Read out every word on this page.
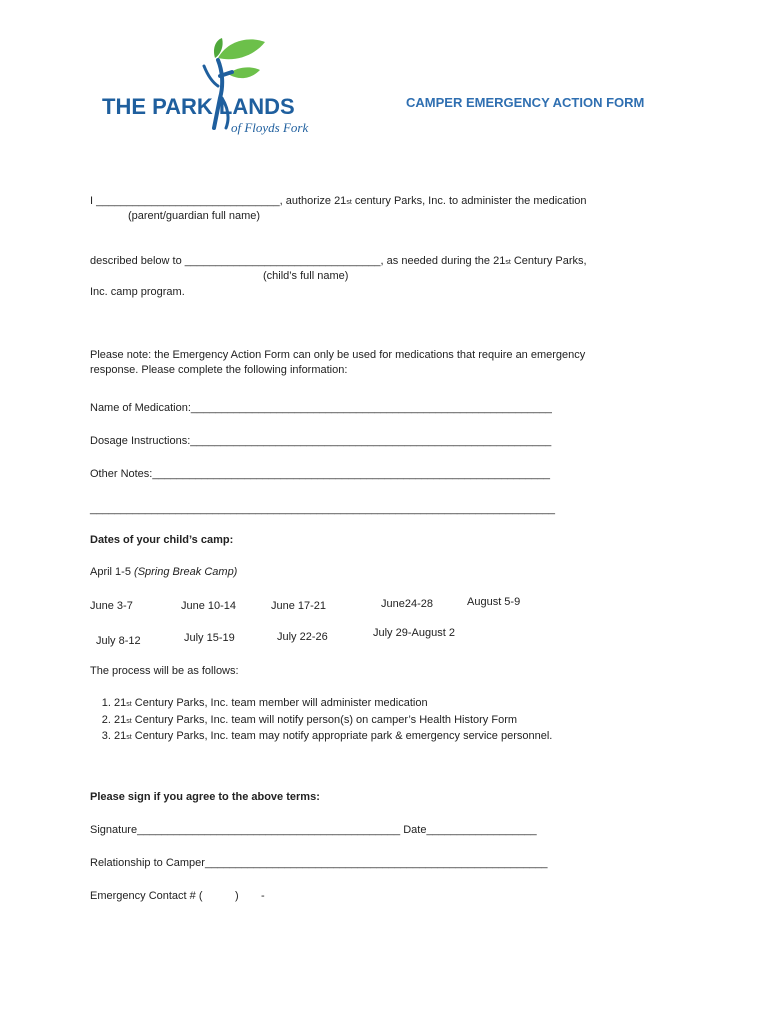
THE PARK LANDS
of Floyds Fork
CAMPER EMERGENCY ACTION FORM
I ______________________________, authorize 21st century Parks, Inc. to administer the medication
(parent/guardian full name)
described below to ________________________________, as needed during the 21st Century Parks,
(child’s full name)
Inc. camp program.
Please note: the Emergency Action Form can only be used for medications that require an emergency
response. Please complete the following information:
Name of Medication:___________________________________________________________
Dosage Instructions:___________________________________________________________
Other Notes:_________________________________________________________________
____________________________________________________________________________
Dates of your child’s camp:
April 1-5 (Spring Break Camp)
June 3-7	June 10-14	June 17-21	June24-28	August 5-9
July 8-12	July 15-19	July 22-26	July 29-August 2
The process will be as follows:
1. 21st Century Parks, Inc. team member will administer medication
2. 21st Century Parks, Inc. team will notify person(s) on camper’s Health History Form
3. 21st Century Parks, Inc. team may notify appropriate park & emergency service personnel.
Please sign if you agree to the above terms:
Signature___________________________________________ Date__________________
Relationship to Camper________________________________________________________
Emergency Contact # (	) -
